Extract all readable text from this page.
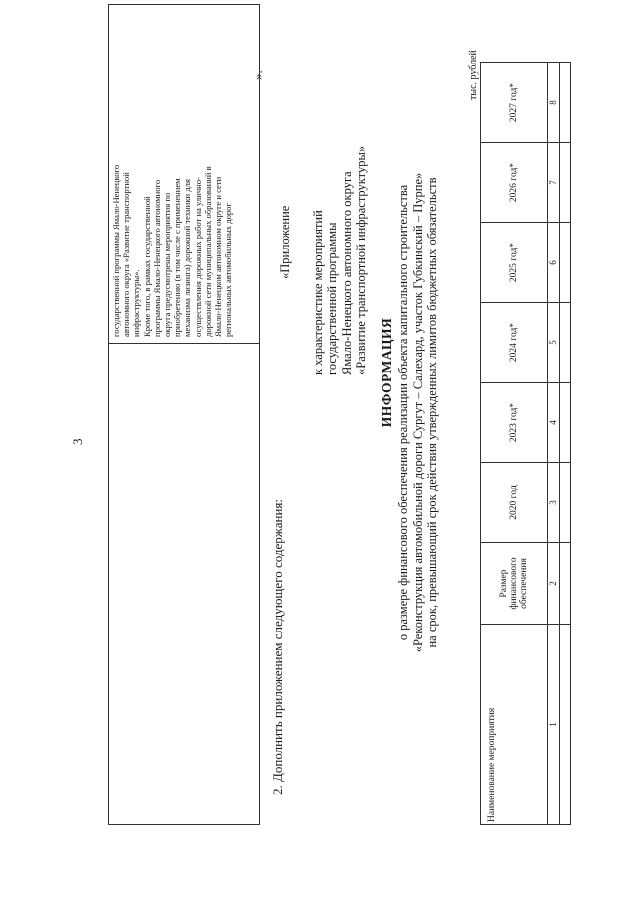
3

государственной программы Ямало-Ненецкого автономного округа «Развитие транспортной инфраструктуры». Кроме того, в рамках государственной программы Ямало-Ненецкого автономного округа предусмотрены мероприятия по приобретению (в том числе с применением механизма лизинга) дорожной техники для осуществления дорожных работ на улично- дорожной сети муниципальных образований в Ямало-Ненецком автономном округе и сети региональных автомобильных дорог
».
2. Дополнить приложением следующего содержания:
«Приложение к характеристике мероприятий государственной программы Ямало-Ненецкого автономного округа «Развитие транспортной инфраструктуры» ИНФОРМАЦИЯ о размере финансового обеспечения реализации объекта капитального строительства «Реконструкция автомобильной дороги Сургут – Салехард, участок Губкинский – Пурпе» на срок, превышающий срок действия утвержденных лимитов бюджетных обязательств
тыс. рублей
Наименование мероприятия	Размер финансового обеспечения	2020 год	2023 год*	2024 год*	2025 год*	2026 год*	2027 год*
1	2	3	4	5	6	7	8
